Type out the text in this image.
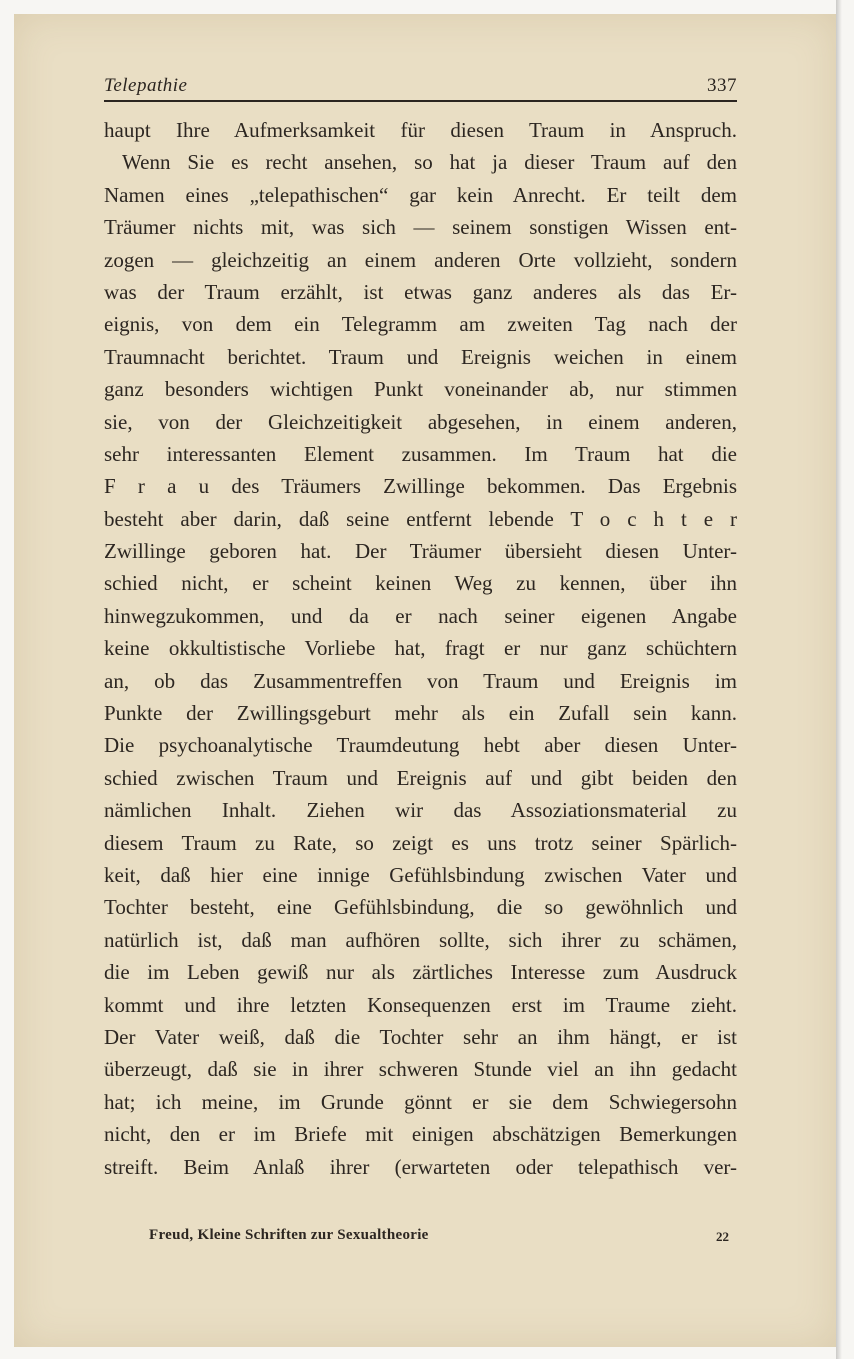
Telepathie	337
haupt Ihre Aufmerksamkeit für diesen Traum in Anspruch.
Wenn Sie es recht ansehen, so hat ja dieser Traum auf den
Namen eines „telepathischen“ gar kein Anrecht. Er teilt dem
Träumer nichts mit, was sich — seinem sonstigen Wissen ent-
zogen — gleichzeitig an einem anderen Orte vollzieht, sondern
was der Traum erzählt, ist etwas ganz anderes als das Er-
eignis, von dem ein Telegramm am zweiten Tag nach der
Traumnacht berichtet. Traum und Ereignis weichen in einem
ganz besonders wichtigen Punkt voneinander ab, nur stimmen
sie, von der Gleichzeitigkeit abgesehen, in einem anderen,
sehr interessanten Element zusammen. Im Traum hat die
F r a u des Träumers Zwillinge bekommen. Das Ergebnis
besteht aber darin, daß seine entfernt lebende T o c h t e r
Zwillinge geboren hat. Der Träumer übersieht diesen Unter-
schied nicht, er scheint keinen Weg zu kennen, über ihn
hinwegzukommen, und da er nach seiner eigenen Angabe
keine okkultistische Vorliebe hat, fragt er nur ganz schüchtern
an, ob das Zusammentreffen von Traum und Ereignis im
Punkte der Zwillingsgeburt mehr als ein Zufall sein kann.
Die psychoanalytische Traumdeutung hebt aber diesen Unter-
schied zwischen Traum und Ereignis auf und gibt beiden den
nämlichen Inhalt. Ziehen wir das Assoziationsmaterial zu
diesem Traum zu Rate, so zeigt es uns trotz seiner Spärlich-
keit, daß hier eine innige Gefühlsbindung zwischen Vater und
Tochter besteht, eine Gefühlsbindung, die so gewöhnlich und
natürlich ist, daß man aufhören sollte, sich ihrer zu schämen,
die im Leben gewiß nur als zärtliches Interesse zum Ausdruck
kommt und ihre letzten Konsequenzen erst im Traume zieht.
Der Vater weiß, daß die Tochter sehr an ihm hängt, er ist
überzeugt, daß sie in ihrer schweren Stunde viel an ihn gedacht
hat; ich meine, im Grunde gönnt er sie dem Schwiegersohn
nicht, den er im Briefe mit einigen abschätzigen Bemerkungen
streift. Beim Anlaß ihrer (erwarteten oder telepathisch ver-
Freud, Kleine Schriften zur Sexualtheorie	22
